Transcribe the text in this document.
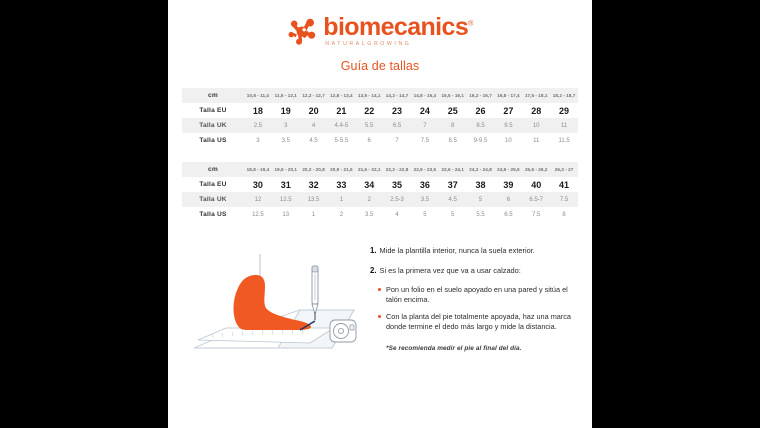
biomecanics®
NATURALGROWING
Guía de tallas
cm	10,8 - 11,4	11,5 - 12,1	12,2 - 12,7	12,8 - 13,4	13,5 - 14,1	14,2 - 14,7	14,8 - 15,4	15,5 - 16,1	16,2 - 16,7	16,8 - 17,4	17,5 - 18,1	18,2 - 18,7
Talla EU	18	19	20	21	22	23	24	25	26	27	28	29
Talla UK	2.5	3	4	4.4-5	5.5	6.5	7	8	8.5	9.5	10	11
Talla US	3	3.5	4.5	5-5.5	6	7	7.5	8.5	9-9.5	10	11	11.5
cm	18,8 - 19,4	19,5 - 20,1	20,2 - 20,8	20,9 - 21,5	21,6 - 22,1	22,2 - 22,8	22,9 - 23,5	23,6 - 24,1	24,2 - 24,8	24,9 - 25,5	25,6 - 26,2	26,3 - 27
Talla EU	30	31	32	33	34	35	36	37	38	39	40	41
Talla UK	12	12.5	13.5	1	2	2.5-3	3.5	4.5	5	6	6.5-7	7.5
Talla US	12.5	13	1	2	3.5	4	5	5	5.5	6.5	7.5	8
1. Mide la plantilla interior, nunca la suela exterior.
2. Si es la primera vez que va a usar calzado:
Pon un folio en el suelo apoyado en una pared y sitúa el talón encima.
Con la planta del pie totalmente apoyada, haz una marca donde termine el dedo más largo y mide la distancia.
*Se recomienda medir el pie al final del día.
